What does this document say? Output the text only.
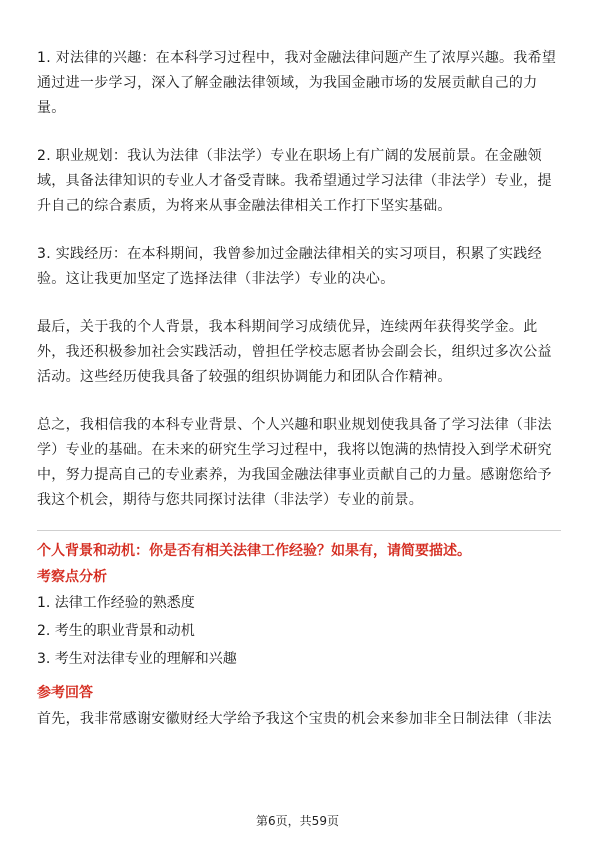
1. 对法律的兴趣：在本科学习过程中，我对金融法律问题产生了浓厚兴趣。我希望通过进一步学习，深入了解金融法律领域，为我国金融市场的发展贡献自己的力量。

2. 职业规划：我认为法律（非法学）专业在职场上有广阔的发展前景。在金融领域，具备法律知识的专业人才备受青睐。我希望通过学习法律（非法学）专业，提升自己的综合素质，为将来从事金融法律相关工作打下坚实基础。

3. 实践经历：在本科期间，我曾参加过金融法律相关的实习项目，积累了实践经验。这让我更加坚定了选择法律（非法学）专业的决心。

最后，关于我的个人背景，我本科期间学习成绩优异，连续两年获得奖学金。此外，我还积极参加社会实践活动，曾担任学校志愿者协会副会长，组织过多次公益活动。这些经历使我具备了较强的组织协调能力和团队合作精神。

总之，我相信我的本科专业背景、个人兴趣和职业规划使我具备了学习法律（非法学）专业的基础。在未来的研究生学习过程中，我将以饱满的热情投入到学术研究中，努力提高自己的专业素养，为我国金融法律事业贡献自己的力量。感谢您给予我这个机会，期待与您共同探讨法律（非法学）专业的前景。

个人背景和动机：你是否有相关法律工作经验？如果有，请简要描述。

考察点分析

1. 法律工作经验的熟悉度

2. 考生的职业背景和动机

3. 考生对法律专业的理解和兴趣

参考回答

首先，我非常感谢安徽财经大学给予我这个宝贵的机会来参加非全日制法律（非法

第6页，共59页
